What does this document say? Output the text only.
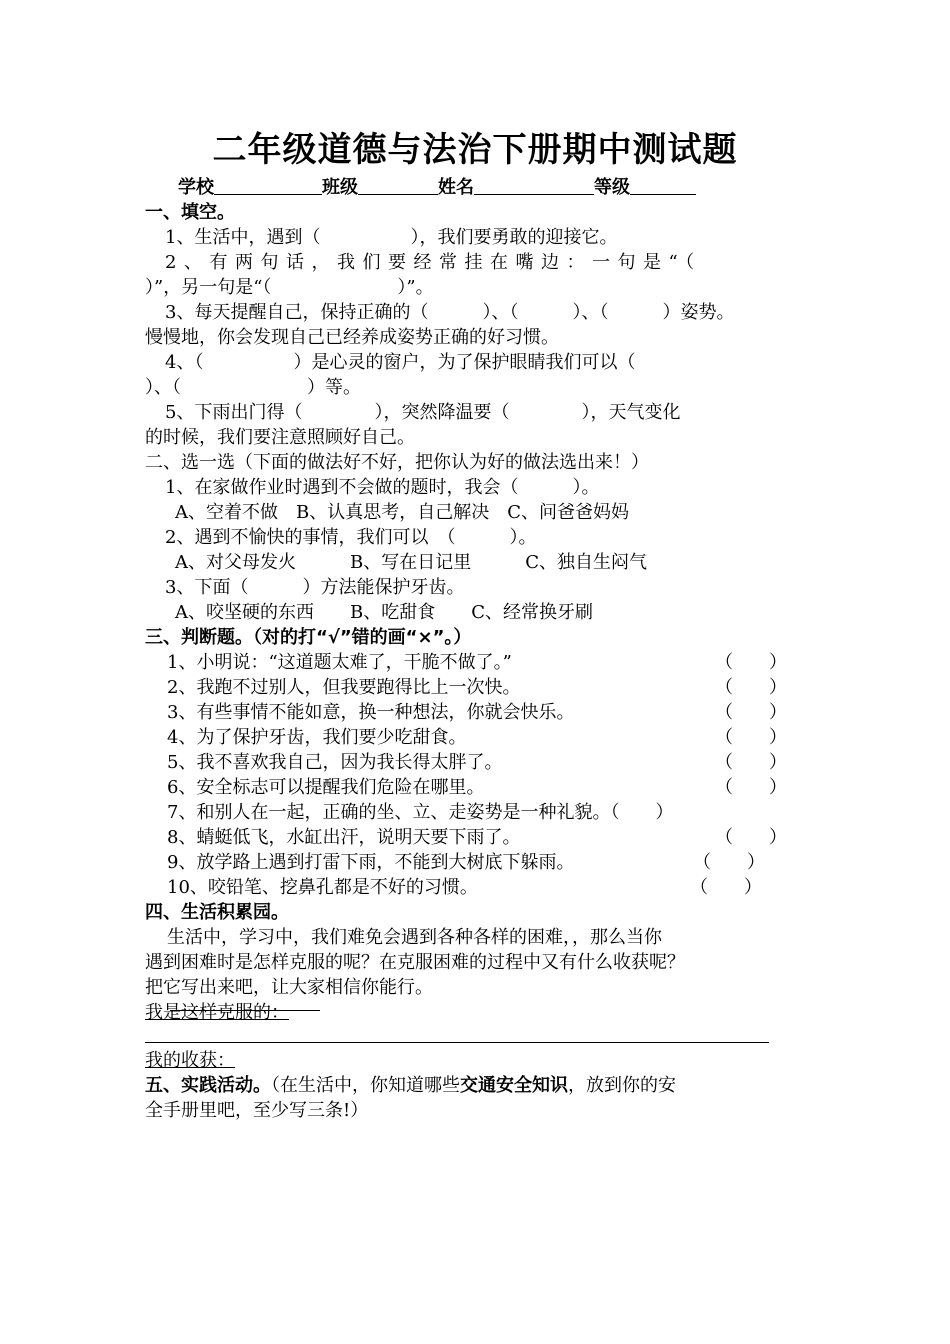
二年级道德与法治下册期中测试题
学校	班级	姓名	等级
一、填空。
1、生活中，遇到（　　　　　），我们要勇敢的迎接它。
2、有两句话，我们要经常挂在嘴边：一句是“（
）”，另一句是“（　　　　　　　）”。
3、每天提醒自己，保持正确的（　　　）、（　　　）、（　　　）姿势。
慢慢地，你会发现自己已经养成姿势正确的好习惯。
4、（　　　　　）是心灵的窗户，为了保护眼睛我们可以（
）、（　　　　　　　）等。
5、下雨出门得（　　　　），突然降温要（　　　　），天气变化
的时候，我们要注意照顾好自己。
二、选一选（下面的做法好不好，把你认为好的做法选出来！）
1、在家做作业时遇到不会做的题时，我会（　　　）。
A、空着不做　B、认真思考，自己解决　C、问爸爸妈妈
2、遇到不愉快的事情，我们可以　（　　　）。
A、对父母发火　　　B、写在日记里　　　C、独自生闷气
3、下面（　　　）方法能保护牙齿。
A、咬坚硬的东西　　B、吃甜食　　C、经常换牙刷
三、判断题。（对的打“√”错的画“×”。）
1、小明说：“这道题太难了，干脆不做了。”	（　　）
2、我跑不过别人，但我要跑得比上一次快。	（　　）
3、有些事情不能如意，换一种想法，你就会快乐。	（　　）
4、为了保护牙齿，我们要少吃甜食。	（　　）
5、我不喜欢我自己，因为我长得太胖了。	（　　）
6、安全标志可以提醒我们危险在哪里。	（　　）
7、和别人在一起，正确的坐、立、走姿势是一种礼貌。（　　）
8、蜻蜓低飞，水缸出汗，说明天要下雨了。	（　　）
9、放学路上遇到打雷下雨，不能到大树底下躲雨。	（　　）
10、咬铅笔、挖鼻孔都是不好的习惯。	（　　）
四、生活积累园。
生活中，学习中，我们难免会遇到各种各样的困难，，那么当你
遇到困难时是怎样克服的呢？在克服困难的过程中又有什么收获呢？
把它写出来吧，让大家相信你能行。
我是这样克服的：
我的收获：
五、实践活动。（在生活中，你知道哪些交通安全知识，放到你的安
全手册里吧，至少写三条!）
